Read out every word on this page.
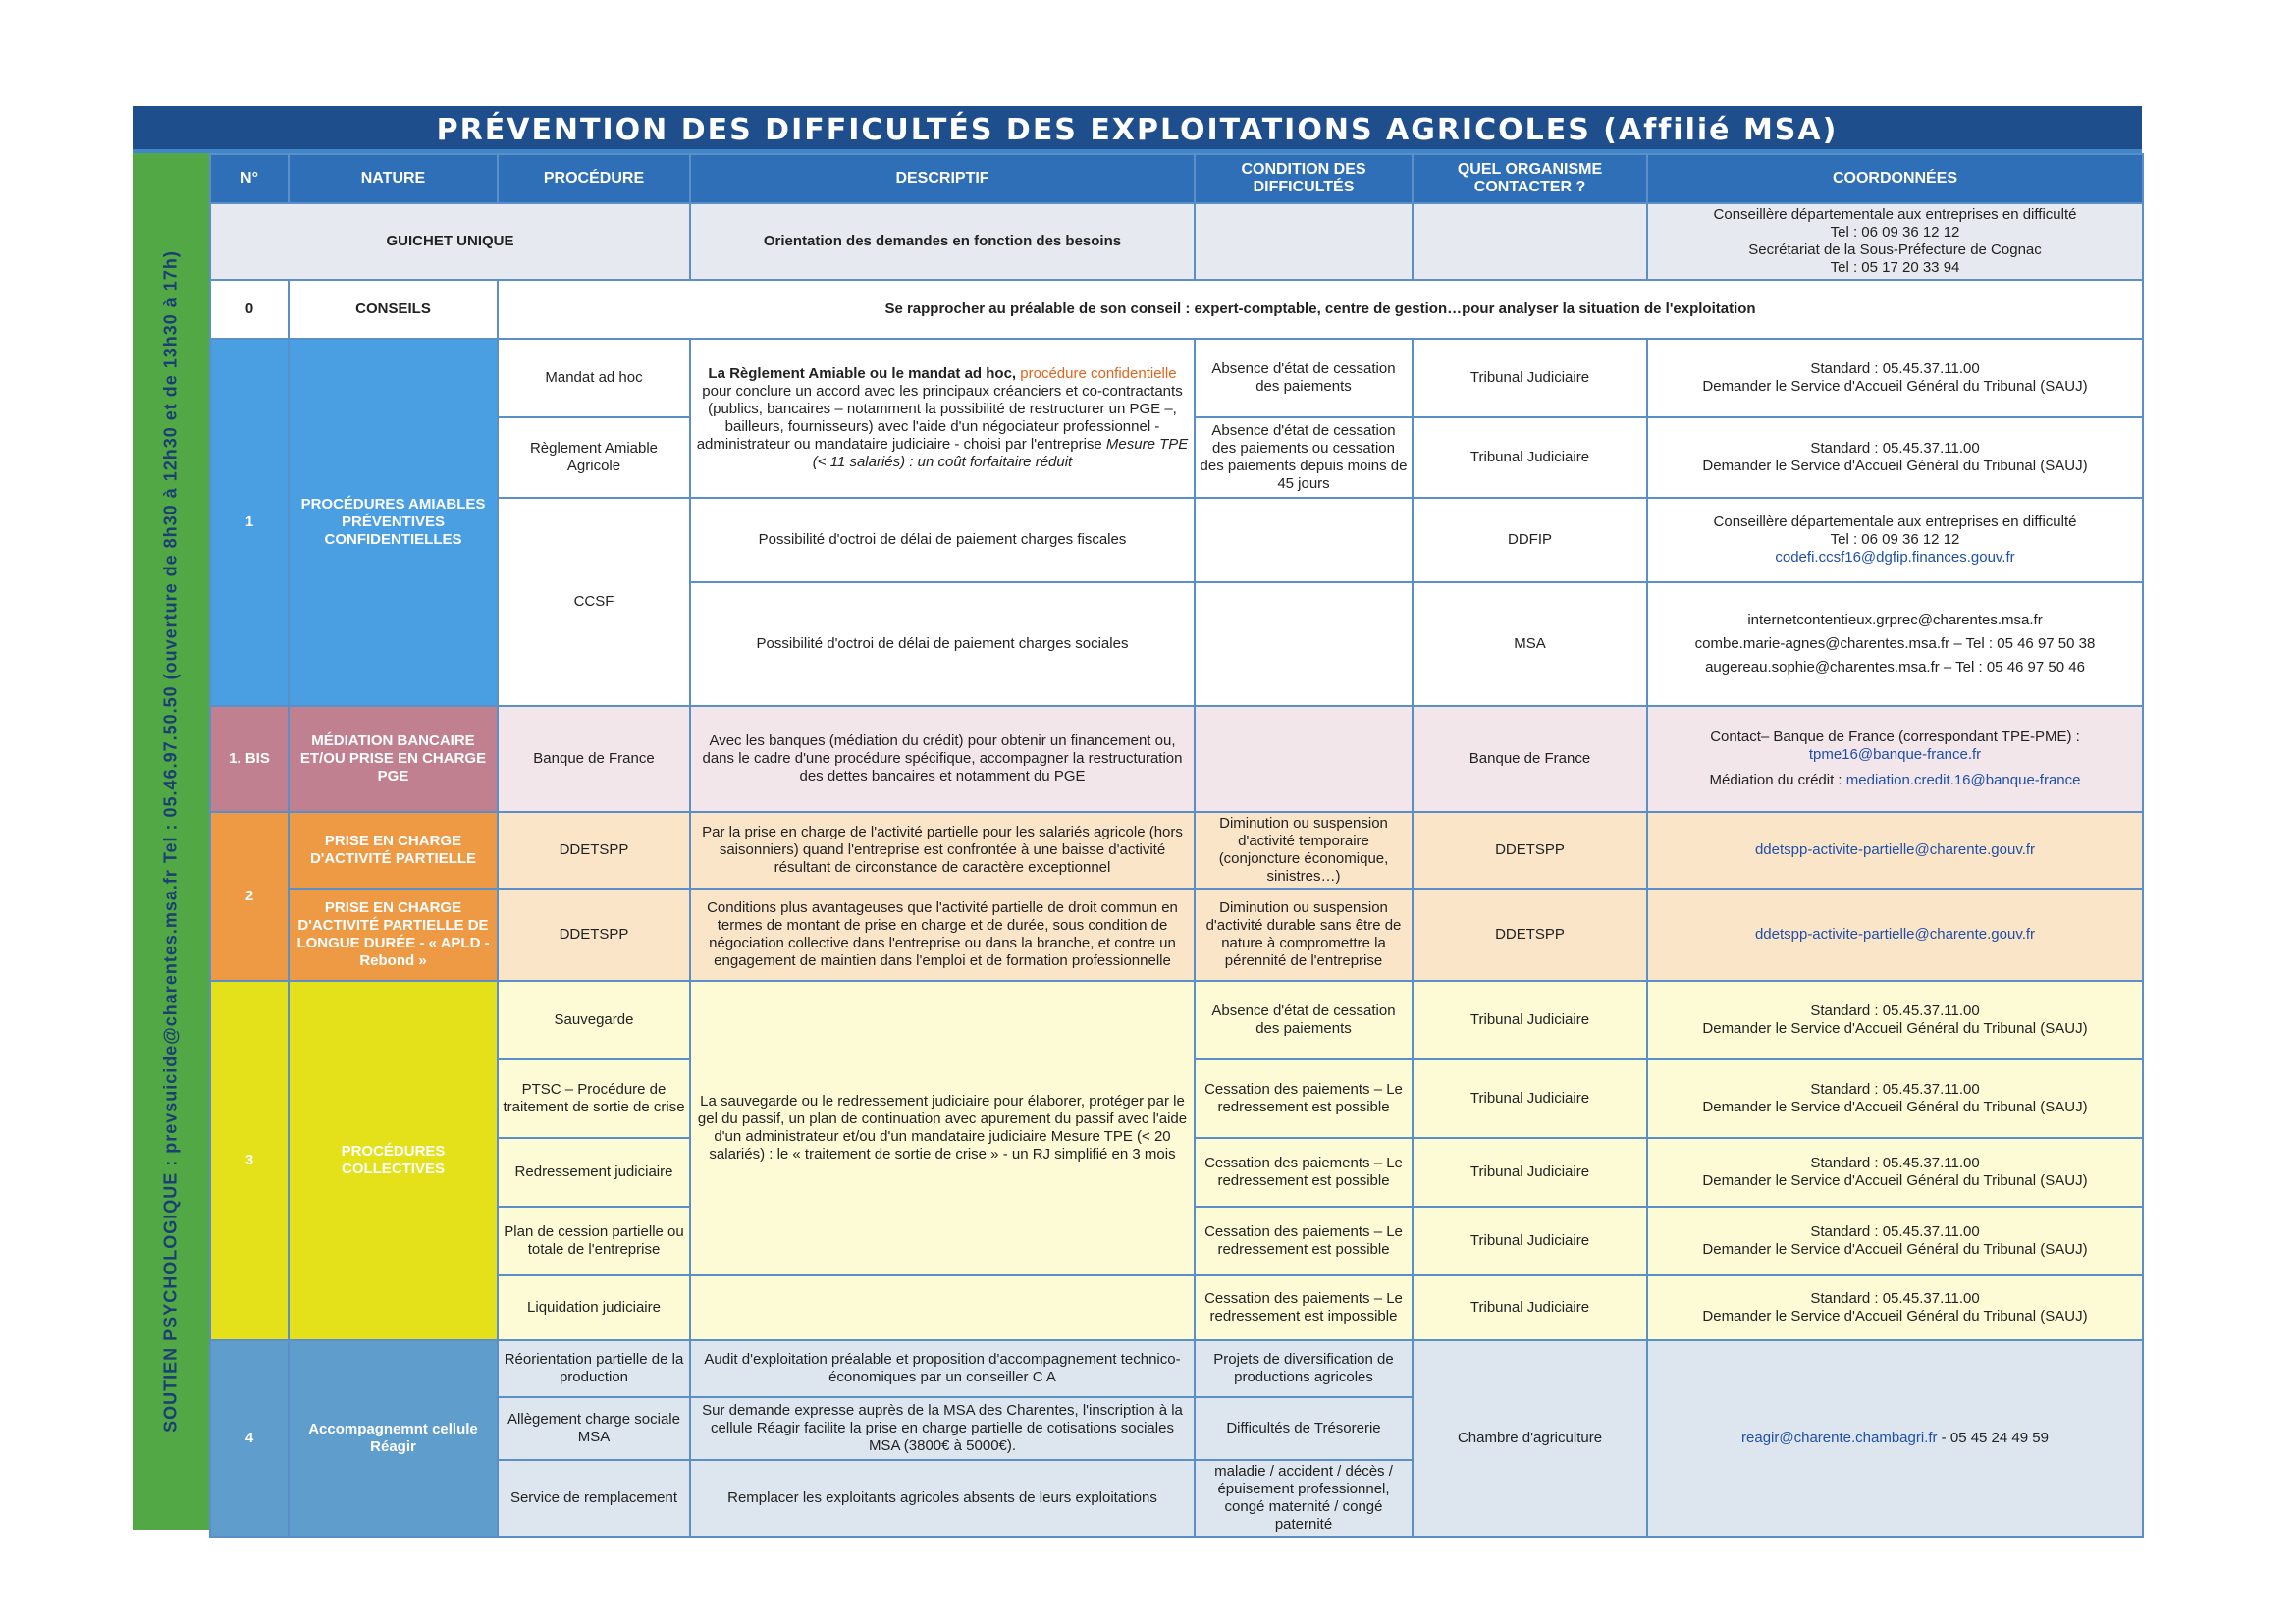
PRÉVENTION DES DIFFICULTÉS DES EXPLOITATIONS AGRICOLES (Affilié MSA)
SOUTIEN PSYCHOLOGIQUE : prevsuicide@charentes.msa.fr Tel : 05.46.97.50.50 (ouverture de 8h30 à 12h30 et de 13h30 à 17h)
N°	NATURE	PROCÉDURE	DESCRIPTIF	CONDITION DES DIFFICULTÉS	QUEL ORGANISME CONTACTER ?	COORDONNÉES
GUICHET UNIQUE			Orientation des demandes en fonction des besoins			Conseillère départementale aux entreprises en difficulté
Tel : 06 09 36 12 12
Secrétariat de la Sous-Préfecture de Cognac
Tel : 05 17 20 33 94

0	CONSEILS	Se rapprocher au préalable de son conseil : expert-comptable, centre de gestion…pour analyser la situation de l'exploitation				
1	PROCÉDURES AMIABLES PRÉVENTIVES CONFIDENTIELLES	Mandat ad hoc	La Règlement Amiable ou le mandat ad hoc, procédure confidentielle pour conclure un accord avec les principaux créanciers et co-contractants (publics, bancaires – notamment la possibilité de restructurer un PGE –, bailleurs, fournisseurs) avec l'aide d'un négociateur professionnel - administrateur ou mandataire judiciaire - choisi par l'entreprise Mesure TPE (< 11 salariés) : un coût forfaitaire réduit	Absence d'état de cessation des paiements	Tribunal Judiciaire	Standard : 05.45.37.11.00
Demander le Service d'Accueil Général du Tribunal (SAUJ)

		Règlement Amiable Agricole		Absence d'état de cessation des paiements ou cessation des paiements depuis moins de 45 jours	Tribunal Judiciaire	Standard : 05.45.37.11.00
Demander le Service d'Accueil Général du Tribunal (SAUJ)

		CCSF	Possibilité d'octroi de délai de paiement charges fiscales		DDFIP	Conseillère départementale aux entreprises en difficulté
Tel : 06 09 36 12 12
codefi.ccsf16@dgfip.finances.gouv.fr

			Possibilité d'octroi de délai de paiement charges sociales		MSA	internetcontentieux.grprec@charentes.msa.fr
combe.marie-agnes@charentes.msa.fr – Tel : 05 46 97 50 38
augereau.sophie@charentes.msa.fr – Tel : 05 46 97 50 46

1. BIS	MÉDIATION BANCAIRE ET/OU PRISE EN CHARGE PGE	Banque de France	Avec les banques (médiation du crédit) pour obtenir un financement ou, dans le cadre d'une procédure spécifique, accompagner la restructuration des dettes bancaires et notamment du PGE		Banque de France	Contact– Banque de France (correspondant TPE-PME) :
tpme16@banque-france.fr
Médiation du crédit : mediation.credit.16@banque-france

2	PRISE EN CHARGE D'ACTIVITÉ PARTIELLE	DDETSPP	Par la prise en charge de l'activité partielle pour les salariés agricole (hors saisonniers) quand l'entreprise est confrontée à une baisse d'activité résultant de circonstance de caractère exceptionnel	Diminution ou suspension d'activité temporaire (conjoncture économique, sinistres…)	DDETSPP	ddetspp-activite-partielle@charente.gouv.fr
	PRISE EN CHARGE D'ACTIVITÉ PARTIELLE DE LONGUE DURÉE - « APLD - Rebond »	DDETSPP	Conditions plus avantageuses que l'activité partielle de droit commun en termes de montant de prise en charge et de durée, sous condition de négociation collective dans l'entreprise ou dans la branche, et contre un engagement de maintien dans l'emploi et de formation professionnelle	Diminution ou suspension d'activité durable sans être de nature à compromettre la pérennité de l'entreprise	DDETSPP	ddetspp-activite-partielle@charente.gouv.fr
3	PROCÉDURES COLLECTIVES	Sauvegarde	La sauvegarde ou le redressement judiciaire pour élaborer, protéger par le gel du passif, un plan de continuation avec apurement du passif avec l'aide d'un administrateur et/ou d'un mandataire judiciaire Mesure TPE (< 20 salariés) : le « traitement de sortie de crise » - un RJ simplifié en 3 mois	Absence d'état de cessation des paiements	Tribunal Judiciaire	Standard : 05.45.37.11.00
Demander le Service d'Accueil Général du Tribunal (SAUJ)

		PTSC – Procédure de traitement de sortie de crise		Cessation des paiements – Le redressement est possible	Tribunal Judiciaire	Standard : 05.45.37.11.00
Demander le Service d'Accueil Général du Tribunal (SAUJ)

		Redressement judiciaire		Cessation des paiements – Le redressement est possible	Tribunal Judiciaire	Standard : 05.45.37.11.00
Demander le Service d'Accueil Général du Tribunal (SAUJ)

		Plan de cession partielle ou totale de l'entreprise		Cessation des paiements – Le redressement est possible	Tribunal Judiciaire	Standard : 05.45.37.11.00
Demander le Service d'Accueil Général du Tribunal (SAUJ)

		Liquidation judiciaire		Cessation des paiements – Le redressement est impossible	Tribunal Judiciaire	Standard : 05.45.37.11.00
Demander le Service d'Accueil Général du Tribunal (SAUJ)

4	Accompagnemnt cellule Réagir	Réorientation partielle de la production	Audit d'exploitation préalable et proposition d'accompagnement technico-économiques par un conseiller C A	Projets de diversification de productions agricoles	Chambre d'agriculture	reagir@charente.chambagri.fr - 05 45 24 49 59
		Allègement charge sociale MSA	Sur demande expresse auprès de la MSA des Charentes, l'inscription à la cellule Réagir facilite la prise en charge partielle de cotisations sociales MSA (3800€ à 5000€).	Difficultés de Trésorerie		
		Service de remplacement	Remplacer les exploitants agricoles absents de leurs exploitations	maladie / accident / décès / épuisement professionnel, congé maternité / congé paternité		
